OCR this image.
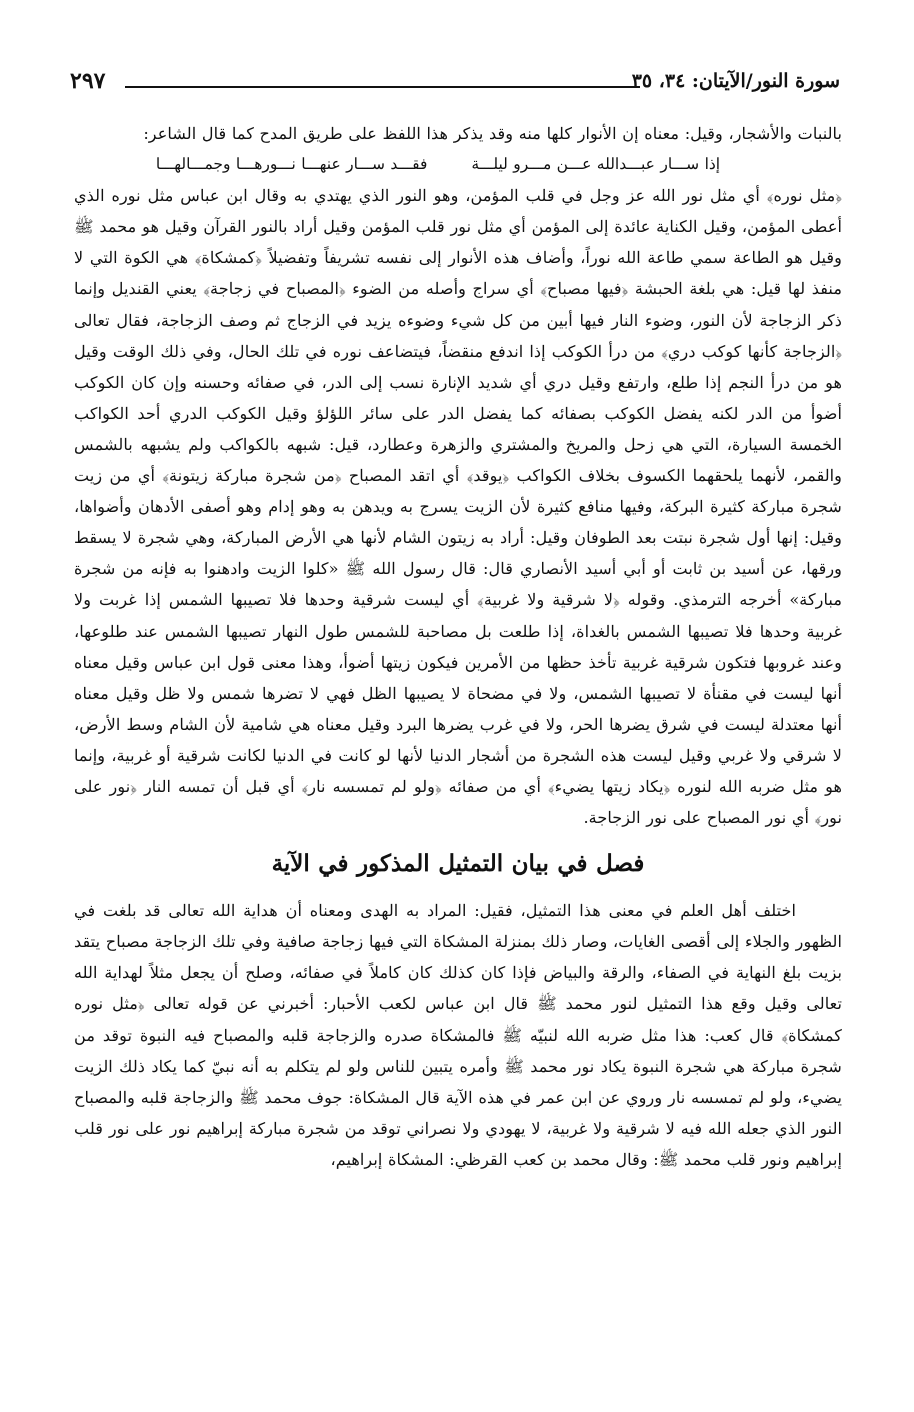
سورة النور/الآيتان: ٣٤، ٣٥
٢٩٧

بالنبات والأشجار، وقيل: معناه إن الأنوار كلها منه وقد يذكر هذا اللفظ على طريق المدح كما قال الشاعر:

إذا ســـار عبـــدالله عـــن مـــرو ليلـــة
فقـــد ســـار عنهـــا نـــورهـــا وجمـــالهـــا

﴿مثل نوره﴾ أي مثل نور الله عز وجل في قلب المؤمن، وهو النور الذي يهتدي به وقال ابن عباس مثل نوره الذي أعطى المؤمن، وقيل الكناية عائدة إلى المؤمن أي مثل نور قلب المؤمن وقيل أراد بالنور القرآن وقيل هو محمد ﷺ وقيل هو الطاعة سمي طاعة الله نوراً، وأضاف هذه الأنوار إلى نفسه تشريفاً وتفضيلاً ﴿كمشكاة﴾ هي الكوة التي لا منفذ لها قيل: هي بلغة الحبشة ﴿فيها مصباح﴾ أي سراج وأصله من الضوء ﴿المصباح في زجاجة﴾ يعني القنديل وإنما ذكر الزجاجة لأن النور، وضوء النار فيها أبين من كل شيء وضوءه يزيد في الزجاج ثم وصف الزجاجة، فقال تعالى ﴿الزجاجة كأنها كوكب دري﴾ من درأ الكوكب إذا اندفع منقضاً، فيتضاعف نوره في تلك الحال، وفي ذلك الوقت وقيل هو من درأ النجم إذا طلع، وارتفع وقيل دري أي شديد الإنارة نسب إلى الدر، في صفائه وحسنه وإن كان الكوكب أضوأ من الدر لكنه يفضل الكوكب بصفائه كما يفضل الدر على سائر اللؤلؤ وقيل الكوكب الدري أحد الكواكب الخمسة السيارة، التي هي زحل والمريخ والمشتري والزهرة وعطارد، قيل: شبهه بالكواكب ولم يشبهه بالشمس والقمر، لأنهما يلحقهما الكسوف بخلاف الكواكب ﴿يوقد﴾ أي اتقد المصباح ﴿من شجرة مباركة زيتونة﴾ أي من زيت شجرة مباركة كثيرة البركة، وفيها منافع كثيرة لأن الزيت يسرج به ويدهن به وهو إدام وهو أصفى الأدهان وأضواها، وقيل: إنها أول شجرة نبتت بعد الطوفان وقيل: أراد به زيتون الشام لأنها هي الأرض المباركة، وهي شجرة لا يسقط ورقها، عن أسيد بن ثابت أو أبي أسيد الأنصاري قال: قال رسول الله ﷺ «كلوا الزيت وادهنوا به فإنه من شجرة مباركة» أخرجه الترمذي. وقوله ﴿لا شرقية ولا غربية﴾ أي ليست شرقية وحدها فلا تصيبها الشمس إذا غربت ولا غربية وحدها فلا تصيبها الشمس بالغداة، إذا طلعت بل مصاحبة للشمس طول النهار تصيبها الشمس عند طلوعها، وعند غروبها فتكون شرقية غربية تأخذ حظها من الأمرين فيكون زيتها أضوأ، وهذا معنى قول ابن عباس وقيل معناه أنها ليست في مقنأة لا تصيبها الشمس، ولا في مضحاة لا يصيبها الظل فهي لا تضرها شمس ولا ظل وقيل معناه أنها معتدلة ليست في شرق يضرها الحر، ولا في غرب يضرها البرد وقيل معناه هي شامية لأن الشام وسط الأرض، لا شرقي ولا غربي وقيل ليست هذه الشجرة من أشجار الدنيا لأنها لو كانت في الدنيا لكانت شرقية أو غربية، وإنما هو مثل ضربه الله لنوره ﴿يكاد زيتها يضيء﴾ أي من صفائه ﴿ولو لم تمسسه نار﴾ أي قبل أن تمسه النار ﴿نور على نور﴾ أي نور المصباح على نور الزجاجة.

فصل في بيان التمثيل المذكور في الآية

اختلف أهل العلم في معنى هذا التمثيل، فقيل: المراد به الهدى ومعناه أن هداية الله تعالى قد بلغت في الظهور والجلاء إلى أقصى الغايات، وصار ذلك بمنزلة المشكاة التي فيها زجاجة صافية وفي تلك الزجاجة مصباح يتقد بزيت بلغ النهاية في الصفاء، والرقة والبياض فإذا كان كذلك كان كاملاً في صفائه، وصلح أن يجعل مثلاً لهداية الله تعالى وقيل وقع هذا التمثيل لنور محمد ﷺ قال ابن عباس لكعب الأحبار: أخبرني عن قوله تعالى ﴿مثل نوره كمشكاة﴾ قال كعب: هذا مثل ضربه الله لنبيّه ﷺ فالمشكاة صدره والزجاجة قلبه والمصباح فيه النبوة توقد من شجرة مباركة هي شجرة النبوة يكاد نور محمد ﷺ وأمره يتبين للناس ولو لم يتكلم به أنه نبيّ كما يكاد ذلك الزيت يضيء، ولو لم تمسسه نار وروي عن ابن عمر في هذه الآية قال المشكاة: جوف محمد ﷺ والزجاجة قلبه والمصباح النور الذي جعله الله فيه لا شرقية ولا غربية، لا يهودي ولا نصراني توقد من شجرة مباركة إبراهيم نور على نور قلب إبراهيم ونور قلب محمد ﷺ: وقال محمد بن كعب القرظي: المشكاة إبراهيم،
